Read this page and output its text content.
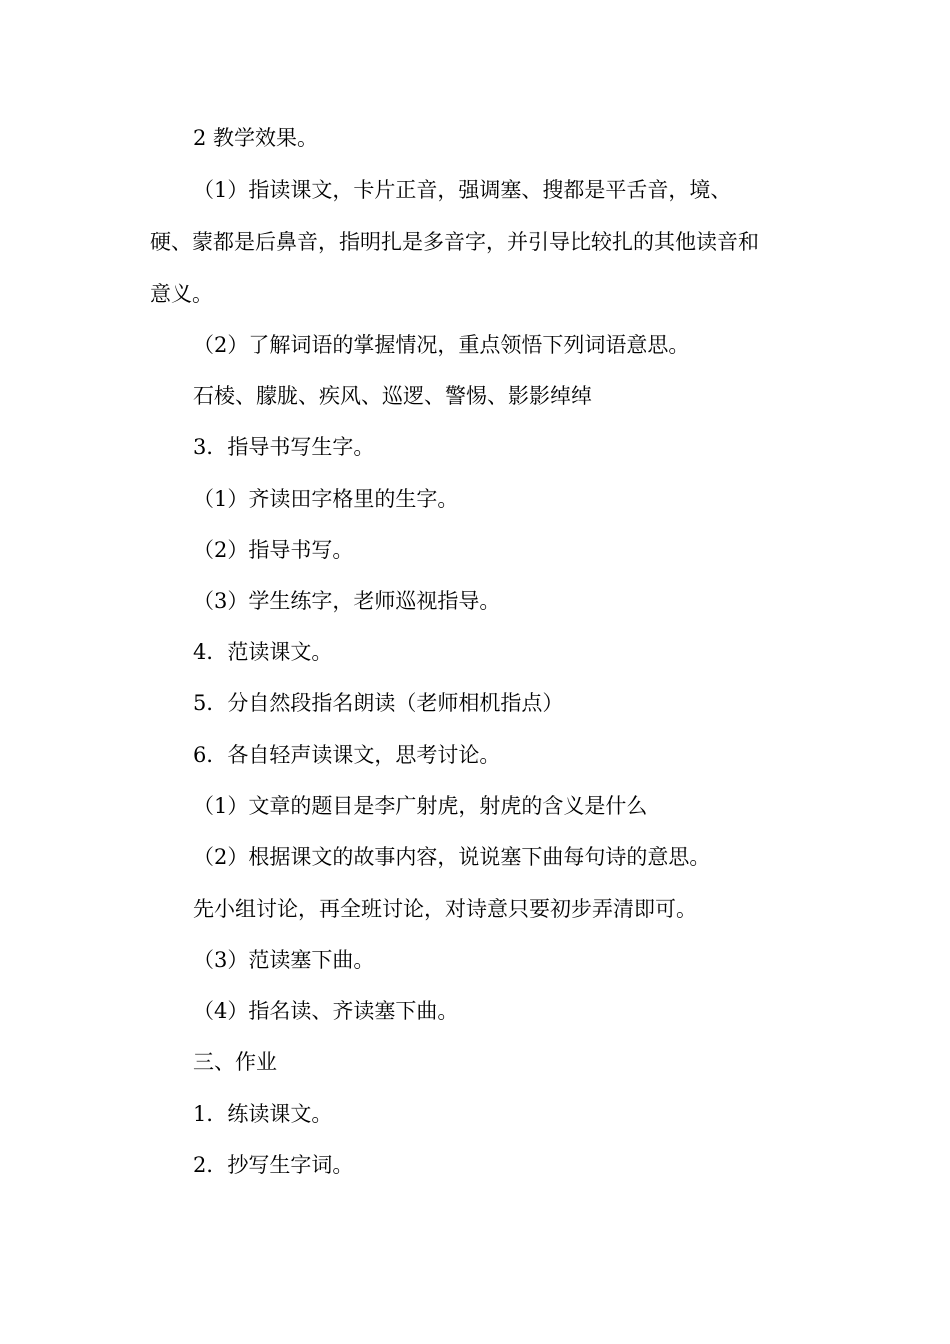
2 教学效果。
（1）指读课文，卡片正音，强调塞、搜都是平舌音，境、
硬、蒙都是后鼻音，指明扎是多音字，并引导比较扎的其他读音和
意义。
（2）了解词语的掌握情况，重点领悟下列词语意思。
石棱、朦胧、疾风、巡逻、警惕、影影绰绰
3．指导书写生字。
（1）齐读田字格里的生字。
（2）指导书写。
（3）学生练字，老师巡视指导。
4．范读课文。
5．分自然段指名朗读（老师相机指点）
6．各自轻声读课文，思考讨论。
（1）文章的题目是李广射虎，射虎的含义是什么
（2）根据课文的故事内容，说说塞下曲每句诗的意思。
先小组讨论，再全班讨论，对诗意只要初步弄清即可。
（3）范读塞下曲。
（4）指名读、齐读塞下曲。
三、作业
1．练读课文。
2．抄写生字词。
